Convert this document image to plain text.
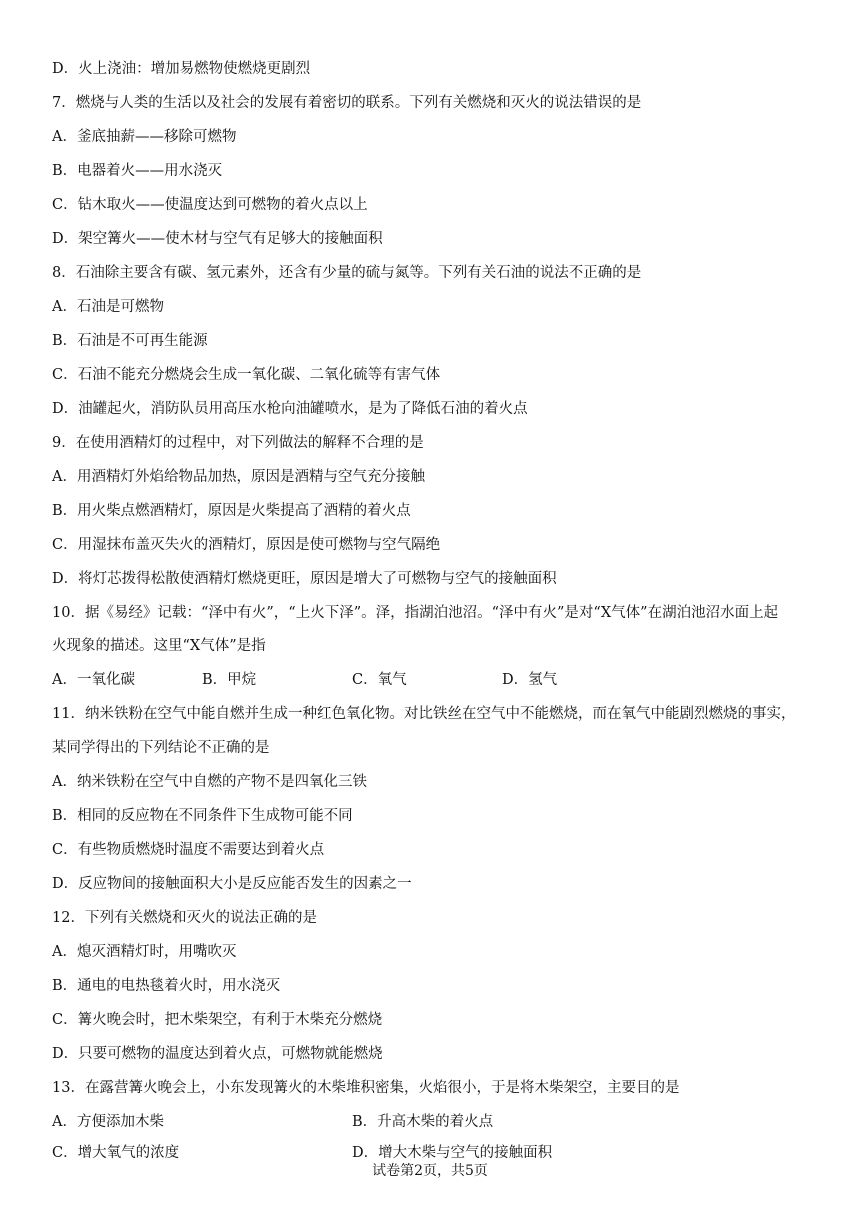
D．火上浇油：增加易燃物使燃烧更剧烈
7．燃烧与人类的生活以及社会的发展有着密切的联系。下列有关燃烧和灭火的说法错误的是
A．釜底抽薪——移除可燃物
B．电器着火——用水浇灭
C．钻木取火——使温度达到可燃物的着火点以上
D．架空篝火——使木材与空气有足够大的接触面积
8．石油除主要含有碳、氢元素外，还含有少量的硫与氮等。下列有关石油的说法不正确的是
A．石油是可燃物
B．石油是不可再生能源
C．石油不能充分燃烧会生成一氧化碳、二氧化硫等有害气体
D．油罐起火，消防队员用高压水枪向油罐喷水，是为了降低石油的着火点
9．在使用酒精灯的过程中，对下列做法的解释不合理的是
A．用酒精灯外焰给物品加热，原因是酒精与空气充分接触
B．用火柴点燃酒精灯，原因是火柴提高了酒精的着火点
C．用湿抹布盖灭失火的酒精灯，原因是使可燃物与空气隔绝
D．将灯芯拨得松散使酒精灯燃烧更旺，原因是增大了可燃物与空气的接触面积
10．据《易经》记载：“泽中有火”，“上火下泽”。泽，指湖泊池沼。“泽中有火”是对“X气体”在湖泊池沼水面上起
火现象的描述。这里“X气体”是指
A．一氧化碳	B．甲烷	C．氧气	D．氢气
11．纳米铁粉在空气中能自燃并生成一种红色氧化物。对比铁丝在空气中不能燃烧，而在氧气中能剧烈燃烧的事实，
某同学得出的下列结论不正确的是
A．纳米铁粉在空气中自燃的产物不是四氧化三铁
B．相同的反应物在不同条件下生成物可能不同
C．有些物质燃烧时温度不需要达到着火点
D．反应物间的接触面积大小是反应能否发生的因素之一
12．下列有关燃烧和灭火的说法正确的是
A．熄灭酒精灯时，用嘴吹灭
B．通电的电热毯着火时，用水浇灭
C．篝火晚会时，把木柴架空，有利于木柴充分燃烧
D．只要可燃物的温度达到着火点，可燃物就能燃烧
13．在露营篝火晚会上，小东发现篝火的木柴堆积密集，火焰很小，于是将木柴架空，主要目的是
A．方便添加木柴	B．升高木柴的着火点
C．增大氧气的浓度	D．增大木柴与空气的接触面积
试卷第2页，共5页
